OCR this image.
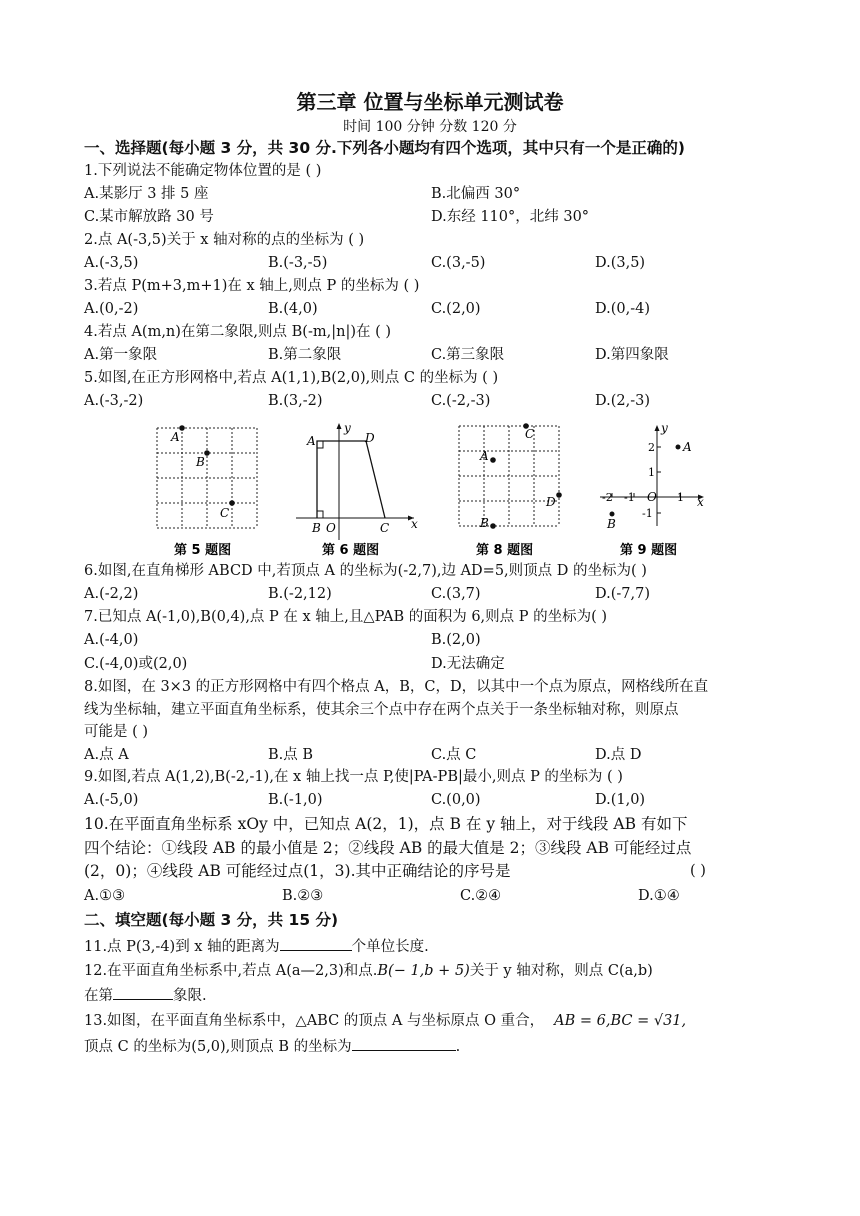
第三章 位置与坐标单元测试卷
时间 100 分钟 分数 120 分
一、选择题(每小题 3 分，共 30 分.下列各小题均有四个选项，其中只有一个是正确的)
1.下列说法不能确定物体位置的是 ( )
A.某影厅 3 排 5 座	B.北偏西 30°
C.某市解放路 30 号	D.东经 110°，北纬 30°
2.点 A(-3,5)关于 x 轴对称的点的坐标为 ( )
A.(-3,5)	B.(-3,-5)	C.(3,-5)	D.(3,5)
3.若点 P(m+3,m+1)在 x 轴上,则点 P 的坐标为 ( )
A.(0,-2)	B.(4,0)	C.(2,0)	D.(0,-4)
4.若点 A(m,n)在第二象限,则点 B(-m,|n|)在 ( )
A.第一象限	B.第二象限	C.第三象限	D.第四象限
5.如图,在正方形网格中,若点 A(1,1),B(2,0),则点 C 的坐标为 ( )
A.(-3,-2)	B.(3,-2)	C.(-2,-3)	D.(2,-3)
A
B
C
第 5 题图
A	D
B O	C x
y
第 6 题图
C
A
D
B
第 8 题图
A
B
2
1
-1
-2 -1 O 1 x
y
第 9 题图
6.如图,在直角梯形 ABCD 中,若顶点 A 的坐标为(-2,7),边 AD=5,则顶点 D 的坐标为( )
A.(-2,2)	B.(-2,12)	C.(3,7)	D.(-7,7)
7.已知点 A(-1,0),B(0,4),点 P 在 x 轴上,且△PAB 的面积为 6,则点 P 的坐标为( )
A.(-4,0)	B.(2,0)
C.(-4,0)或(2,0)	D.无法确定
8.如图，在 3×3 的正方形网格中有四个格点 A，B，C，D，以其中一个点为原点，网格线所在直
线为坐标轴，建立平面直角坐标系，使其余三个点中存在两个点关于一条坐标轴对称，则原点
可能是 ( )
A.点 A	B.点 B	C.点 C	D.点 D
9.如图,若点 A(1,2),B(-2,-1),在 x 轴上找一点 P,使|PA-PB|最小,则点 P 的坐标为 ( )
A.(-5,0)	B.(-1,0)	C.(0,0)	D.(1,0)
10.在平面直角坐标系 xOy 中，已知点 A(2，1)，点 B 在 y 轴上，对于线段 AB 有如下
四个结论：①线段 AB 的最小值是 2；②线段 AB 的最大值是 2；③线段 AB 可能经过点
(2，0)；④线段 AB 可能经过点(1，3).其中正确结论的序号是	( )
A.①③	B.②③	C.②④	D.①④
二、填空题(每小题 3 分，共 15 分)
11.点 P(3,-4)到 x 轴的距离为	个单位长度.
12.在平面直角坐标系中,若点 A(a—2,3)和点.B(− 1,b + 5)关于 y 轴对称，则点 C(a,b)
在第	象限.
13.如图，在平面直角坐标系中，△ABC 的顶点 A 与坐标原点 O 重合， AB = 6,BC = √31,
顶点 C 的坐标为(5,0),则顶点 B 的坐标为	.
